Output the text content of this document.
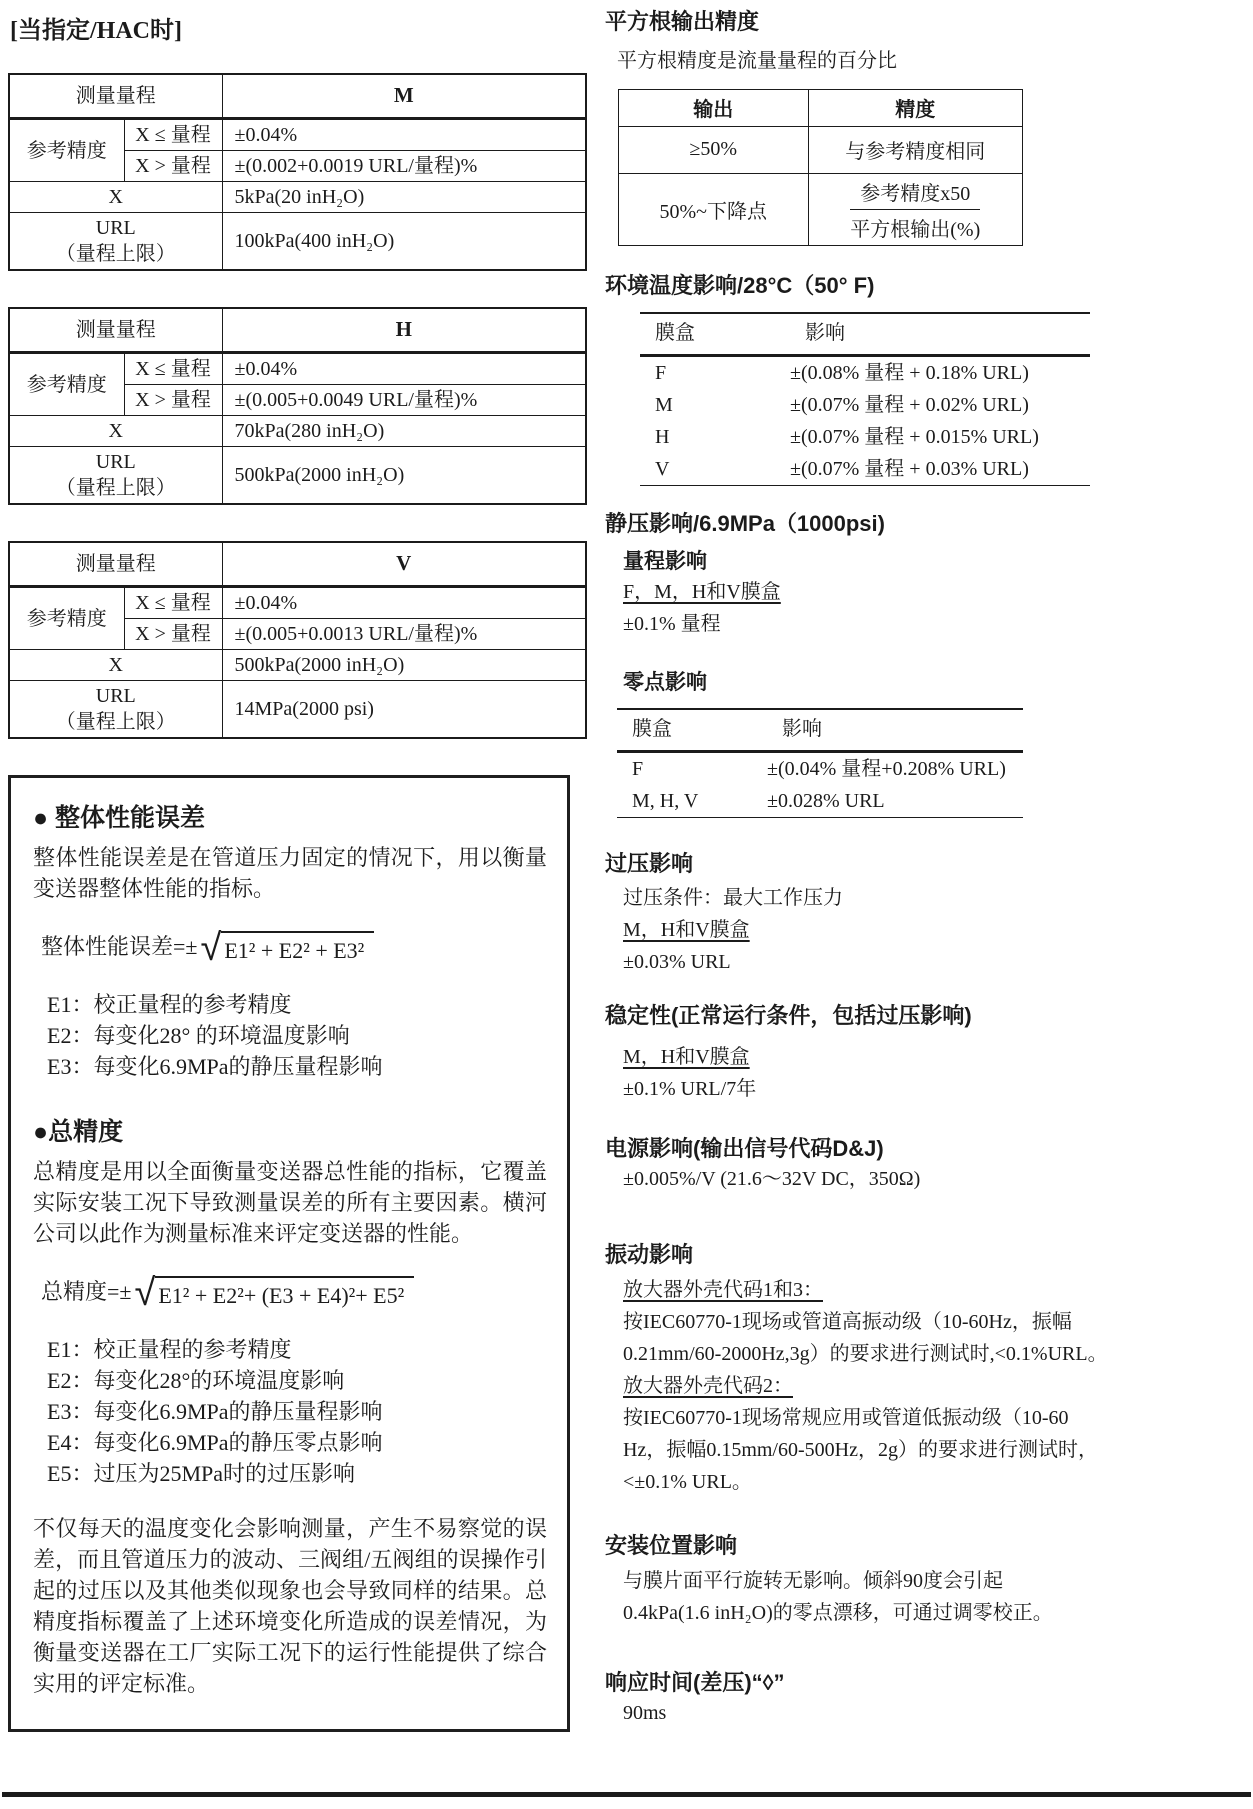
[当指定/HAC时]
测量量程		M
参考精度	X ≤ 量程	±0.04%
	X > 量程	±(0.002+0.0019 URL/量程)%
X		5kPa(20 inH₂O)

URL
（量程上限）		100kPa(400 inH₂O)
测量量程		H
参考精度	X ≤ 量程	±0.04%
	X > 量程	±(0.005+0.0049 URL/量程)%
X		70kPa(280 inH₂O)

URL
（量程上限）		500kPa(2000 inH₂O)
测量量程		V
参考精度	X ≤ 量程	±0.04%
	X > 量程	±(0.005+0.0013 URL/量程)%
X		500kPa(2000 inH₂O)

URL
（量程上限）		14MPa(2000 psi)
● 整体性能误差
整体性能误差是在管道压力固定的情况下，用以衡量变送器整体性能的指标。
整体性能误差=± √ E1² + E2² + E3²
E1：校正量程的参考精度
E2：每变化28° 的环境温度影响
E3：每变化6.9MPa的静压量程影响
●总精度
总精度是用以全面衡量变送器总性能的指标，它覆盖实际安装工况下导致测量误差的所有主要因素。横河公司以此作为测量标准来评定变送器的性能。
总精度=± √ E1² + E2²+ (E3 + E4)²+ E5²
E1：校正量程的参考精度
E2：每变化28°的环境温度影响
E3：每变化6.9MPa的静压量程影响
E4：每变化6.9MPa的静压零点影响
E5：过压为25MPa时的过压影响
不仅每天的温度变化会影响测量，产生不易察觉的误差，而且管道压力的波动、三阀组/五阀组的误操作引起的过压以及其他类似现象也会导致同样的结果。总精度指标覆盖了上述环境变化所造成的误差情况，为衡量变送器在工厂实际工况下的运行性能提供了综合实用的评定标准。
平方根输出精度
平方根精度是流量量程的百分比
输出	精度
≥50%	与参考精度相同
50%~下降点	$\frac{\text{参考精度x50}}{\text{平方根输出(\%)}}$
环境温度影响/28°C（50° F)
膜盒	影响
F	±(0.08% 量程 + 0.18% URL)
M	±(0.07% 量程 + 0.02% URL)
H	±(0.07% 量程 + 0.015% URL)
V	±(0.07% 量程 + 0.03% URL)
静压影响/6.9MPa（1000psi)
量程影响
F，M，H和V膜盒
±0.1% 量程
零点影响
膜盒	影响
F	±(0.04% 量程+0.208% URL)
M, H, V	±0.028% URL
过压影响
过压条件：最大工作压力
M，H和V膜盒
±0.03% URL
稳定性(正常运行条件，包括过压影响)
M，H和V膜盒
±0.1% URL/7年
电源影响(输出信号代码D&J)
±0.005%/V (21.6～32V DC，350Ω)
振动影响
放大器外壳代码1和3：
按IEC60770-1现场或管道高振动级（10-60Hz，振幅
0.21mm/60-2000Hz,3g）的要求进行测试时,<0.1%URL。
放大器外壳代码2：
按IEC60770-1现场常规应用或管道低振动级（10-60
Hz，振幅0.15mm/60-500Hz，2g）的要求进行测试时，
<±0.1% URL。
安装位置影响
与膜片面平行旋转无影响。倾斜90度会引起
0.4kPa(1.6 inH₂O)的零点漂移，可通过调零校正。
响应时间(差压)“◊”
90ms
